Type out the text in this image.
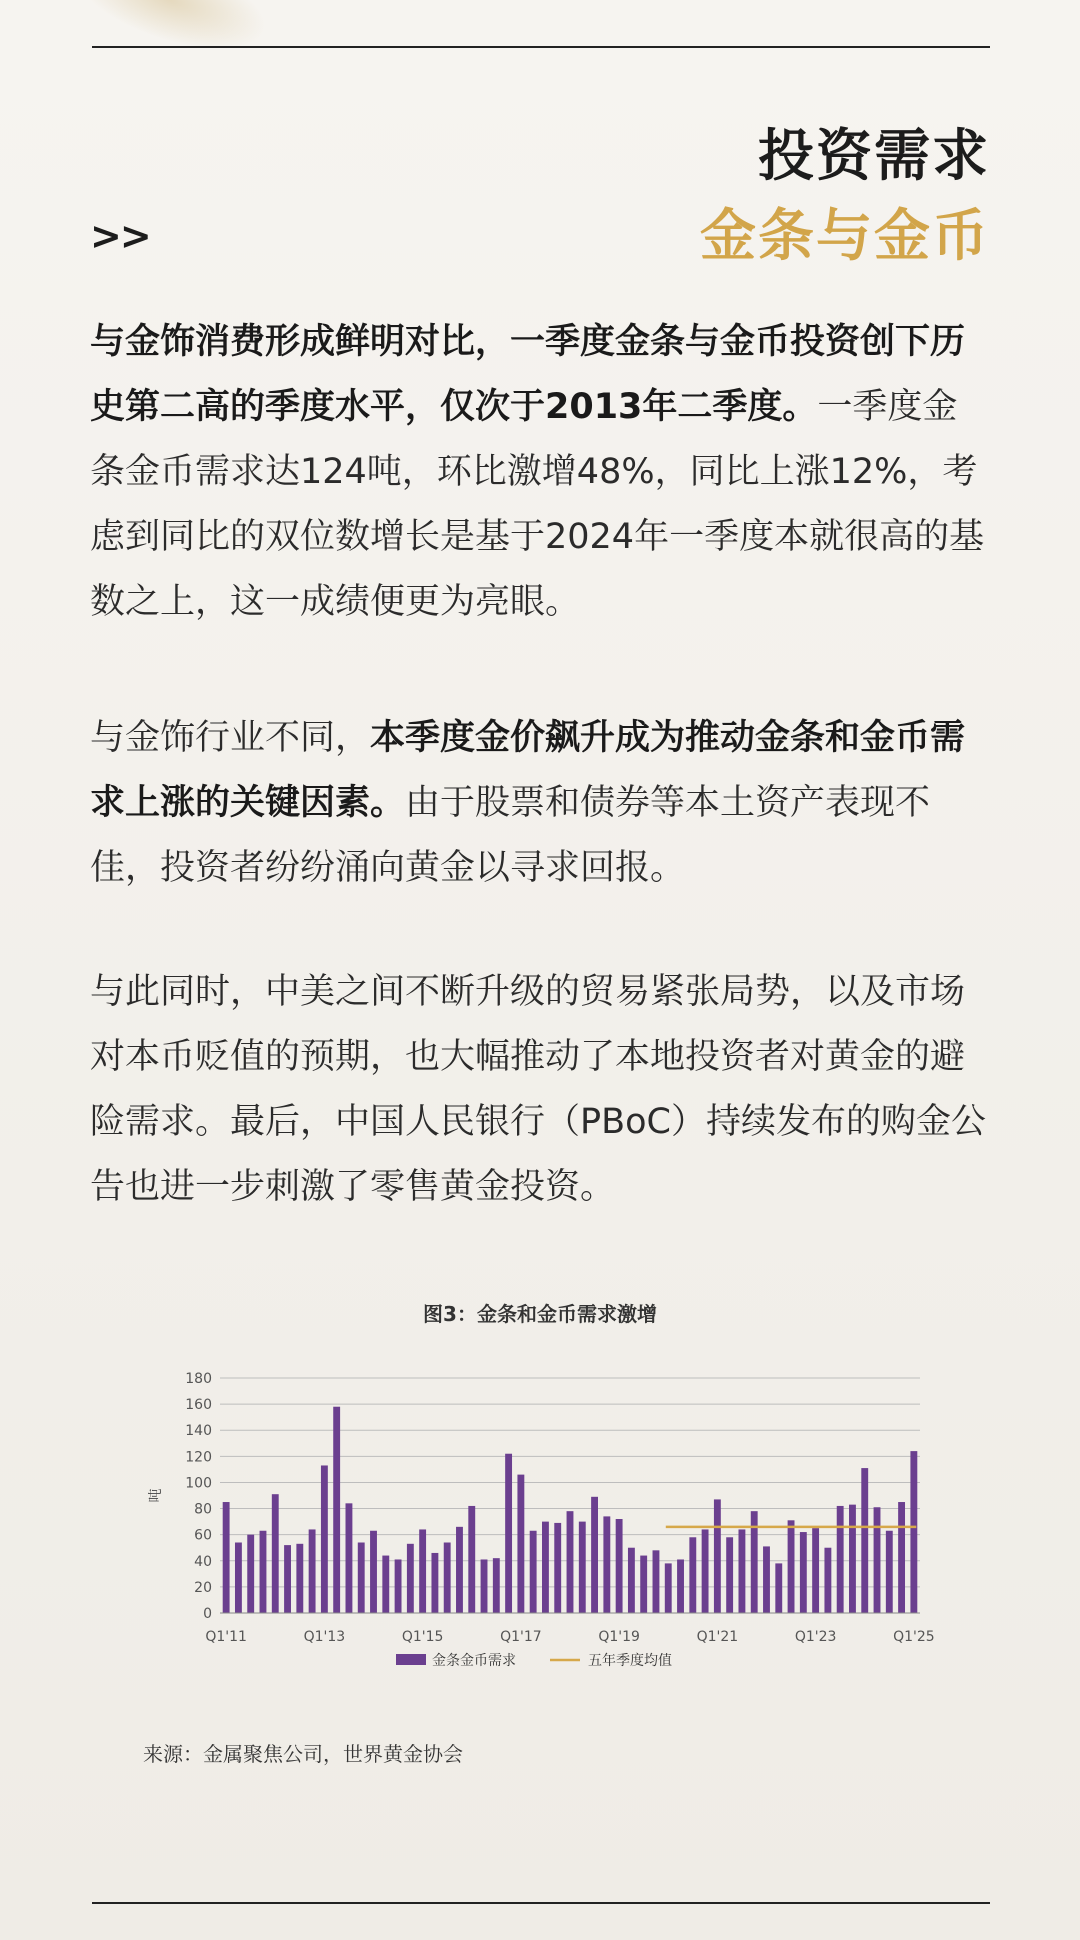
投资需求
金条与金币
>>

与金饰消费形成鲜明对比，一季度金条与金币投资创下历史第二高的季度水平，仅次于2013年二季度。一季度金条金币需求达124吨，环比激增48%，同比上涨12%，考虑到同比的双位数增长是基于2024年一季度本就很高的基数之上，这一成绩便更为亮眼。

与金饰行业不同，本季度金价飙升成为推动金条和金币需求上涨的关键因素。由于股票和债券等本土资产表现不佳，投资者纷纷涌向黄金以寻求回报。

与此同时，中美之间不断升级的贸易紧张局势，以及市场对本币贬值的预期，也大幅推动了本地投资者对黄金的避险需求。最后，中国人民银行（PBoC）持续发布的购金公告也进一步刺激了零售黄金投资。

图3：金条和金币需求激增
0
20
40
60
80
100
120
140
160
180
吨
Q1'11	Q1'13	Q1'15	Q1'17	Q1'19	Q1'21	Q1'23	Q1'25
金条金币需求	五年季度均值
来源：金属聚焦公司，世界黄金协会
